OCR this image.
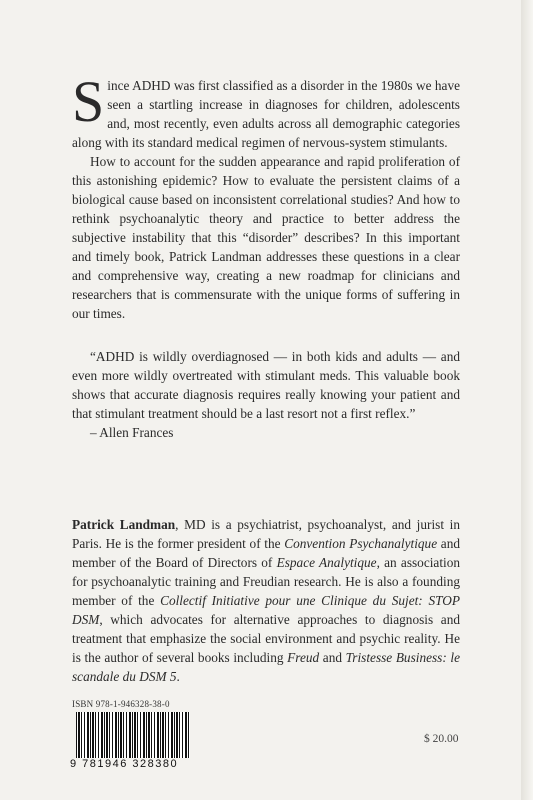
Since ADHD was first classified as a disorder in the 1980s we have seen a startling increase in diagnoses for children, adolescents and, most recently, even adults across all demographic categories along with its standard medical regimen of nervous-system stimulants.

How to account for the sudden appearance and rapid proliferation of this astonishing epidemic? How to evaluate the persistent claims of a biological cause based on inconsistent correlational studies? And how to rethink psychoanalytic theory and practice to better address the subjective instability that this “disorder” describes? In this important and timely book, Patrick Landman addresses these questions in a clear and comprehensive way, creating a new roadmap for clinicians and researchers that is commensurate with the unique forms of suffering in our times.

“ADHD is wildly overdiagnosed — in both kids and adults — and even more wildly overtreated with stimulant meds. This valuable book shows that accurate diagnosis requires really knowing your patient and that stimulant treatment should be a last resort not a first reflex.”

– Allen Frances

Patrick Landman, MD is a psychiatrist, psychoanalyst, and jurist in Paris. He is the former president of the Convention Psychanalytique and member of the Board of Directors of Espace Analytique, an association for psychoanalytic training and Freudian research. He is also a founding member of the Collectif Initiative pour une Clinique du Sujet: STOP DSM, which advocates for alternative approaches to diagnosis and treatment that emphasize the social environment and psychic reality. He is the author of several books including Freud and Tristesse Business: le scandale du DSM 5.

ISBN 978-1-946328-38-0
9 781946 328380
$ 20.00
